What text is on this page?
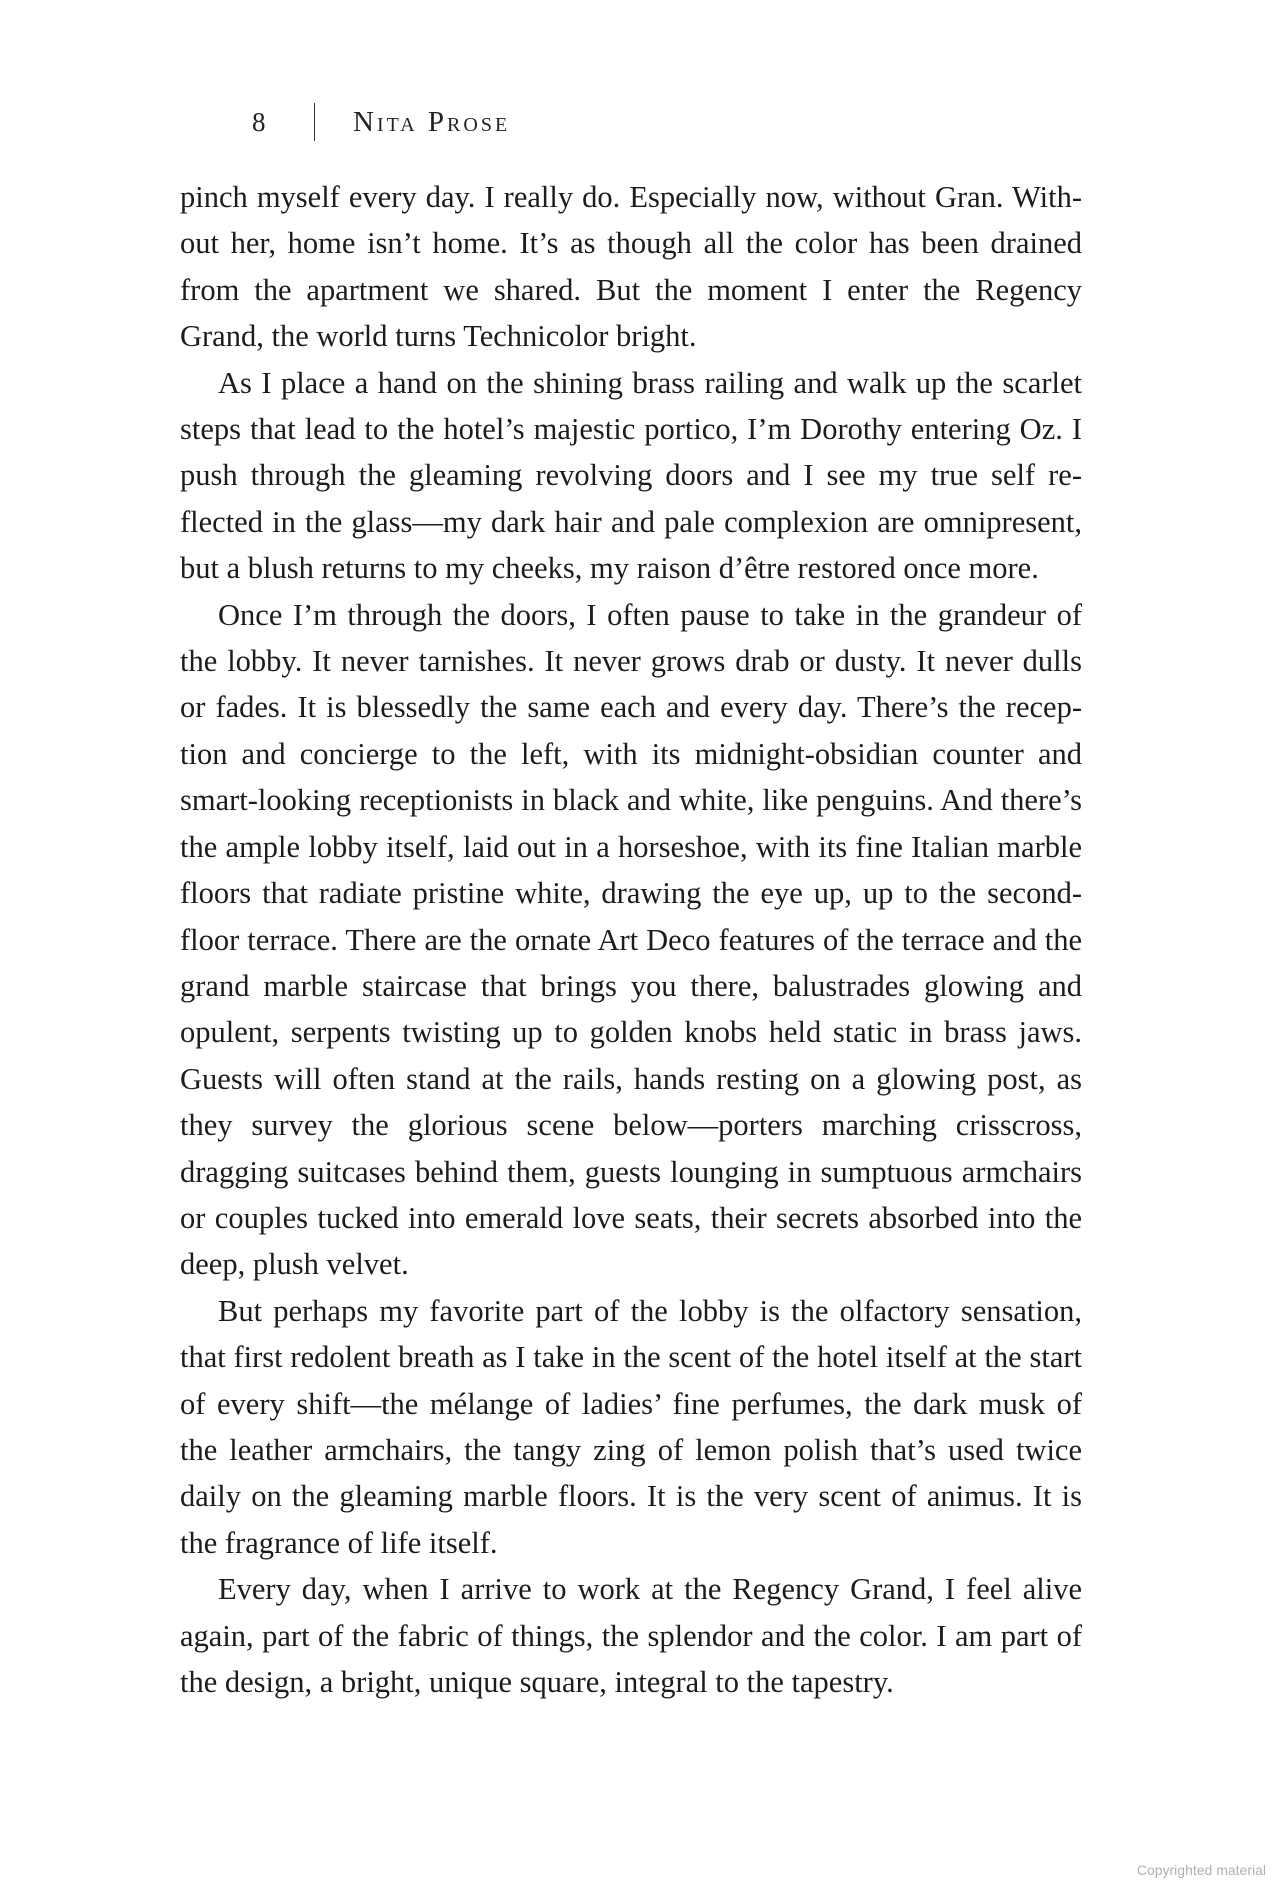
8	Nita Prose

pinch myself every day. I really do. Especially now, without Gran. Without her, home isn’t home. It’s as though all the color has been drained from the apartment we shared. But the moment I enter the Regency Grand, the world turns Technicolor bright.

As I place a hand on the shining brass railing and walk up the scarlet steps that lead to the hotel’s majestic portico, I’m Dorothy entering Oz. I push through the gleaming revolving doors and I see my true self reflected in the glass—my dark hair and pale complexion are omnipresent, but a blush returns to my cheeks, my raison d’être restored once more.

Once I’m through the doors, I often pause to take in the grandeur of the lobby. It never tarnishes. It never grows drab or dusty. It never dulls or fades. It is blessedly the same each and every day. There’s the reception and concierge to the left, with its midnight-obsidian counter and smart-looking receptionists in black and white, like penguins. And there’s the ample lobby itself, laid out in a horseshoe, with its fine Italian marble floors that radiate pristine white, drawing the eye up, up to the second-floor terrace. There are the ornate Art Deco features of the terrace and the grand marble staircase that brings you there, balustrades glowing and opulent, serpents twisting up to golden knobs held static in brass jaws. Guests will often stand at the rails, hands resting on a glowing post, as they survey the glorious scene below—porters marching crisscross, dragging suitcases behind them, guests lounging in sumptuous armchairs or couples tucked into emerald love seats, their secrets absorbed into the deep, plush velvet.

But perhaps my favorite part of the lobby is the olfactory sensation, that first redolent breath as I take in the scent of the hotel itself at the start of every shift—the mélange of ladies’ fine perfumes, the dark musk of the leather armchairs, the tangy zing of lemon polish that’s used twice daily on the gleaming marble floors. It is the very scent of animus. It is the fragrance of life itself.

Every day, when I arrive to work at the Regency Grand, I feel alive again, part of the fabric of things, the splendor and the color. I am part of the design, a bright, unique square, integral to the tapestry.

Copyrighted material
